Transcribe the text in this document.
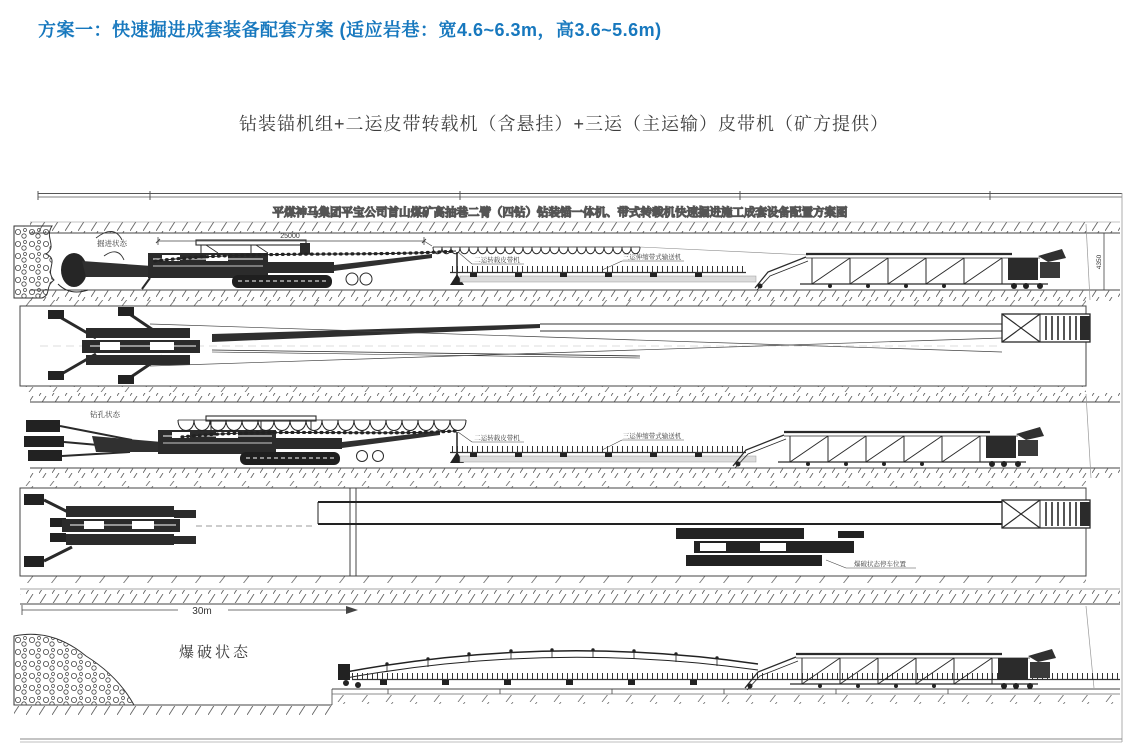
方案一：快速掘进成套装备配套方案 (适应岩巷：宽4.6~6.3m，高3.6~5.6m)
钻装锚机组+二运皮带转载机（含悬挂）+三运（主运输）皮带机（矿方提供）
平煤神马集团平宝公司首山煤矿高抽巷二臂（四钻）钻装锚一体机、带式转载机快速掘进施工成套设备配置方案图
掘进状态
25000
二运转载皮带机	三运伸缩带式输送机	4350
钻孔状态
二运转载皮带机	三运伸缩带式输送机
爆破状态停车位置
30m
爆破状态
